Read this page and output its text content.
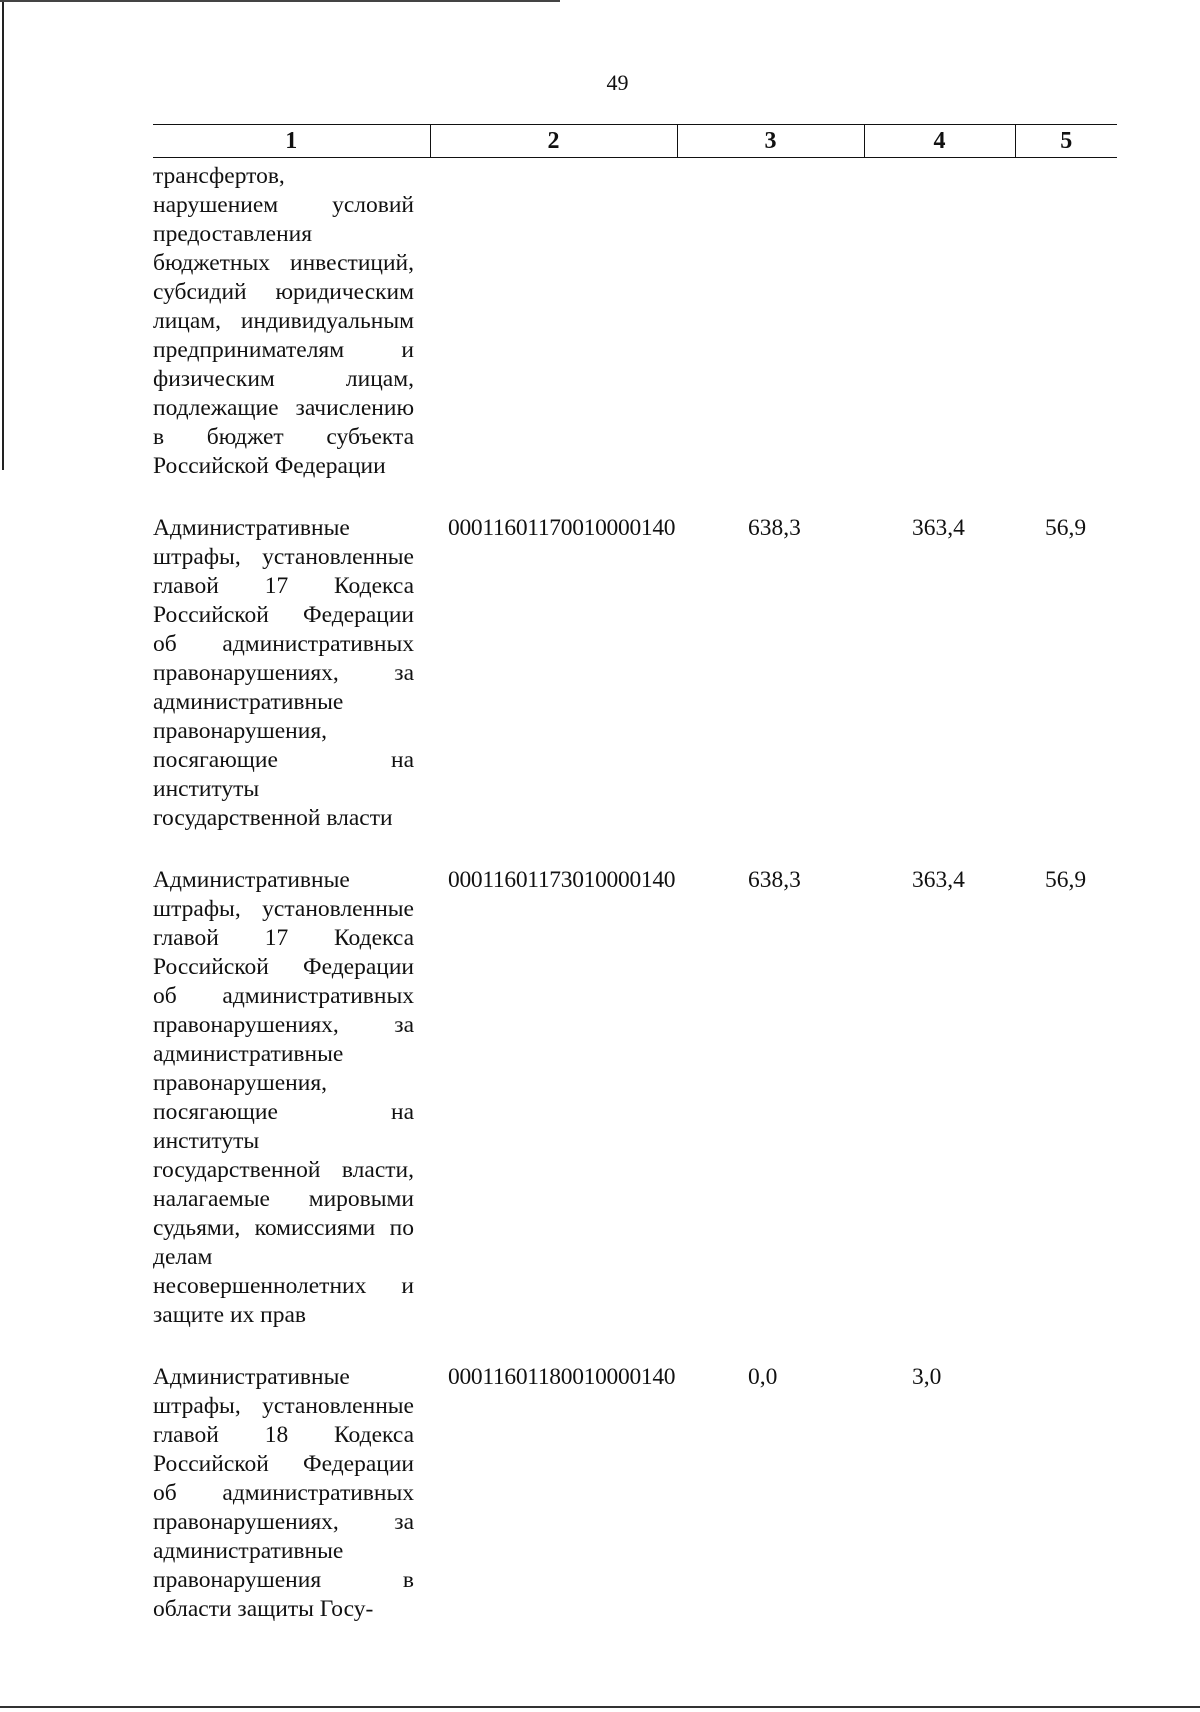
49
1	2	3	4	5
трансфертов, нарушением условий предоставления бюджетных инвестиций, субсидий юридическим лицам, индивидуальным предпринимателям и физическим лицам, подлежащие зачислению в бюджет субъекта Российской Федерации				
Административные штрафы, установленные главой 17 Кодекса Российской Федерации об административных правонарушениях, за административные правонарушения, посягающие на институты государственной власти	00011601170010000140	638,3	363,4	56,9
Административные штрафы, установленные главой 17 Кодекса Российской Федерации об административных правонарушениях, за административные правонарушения, посягающие на институты государственной власти, налагаемые мировыми судьями, комиссиями по делам несовершеннолетних и защите их прав	00011601173010000140	638,3	363,4	56,9
Административные штрафы, установленные главой 18 Кодекса Российской Федерации об административных правонарушениях, за административные правонарушения в области защиты Госу-	00011601180010000140	0,0	3,0	
